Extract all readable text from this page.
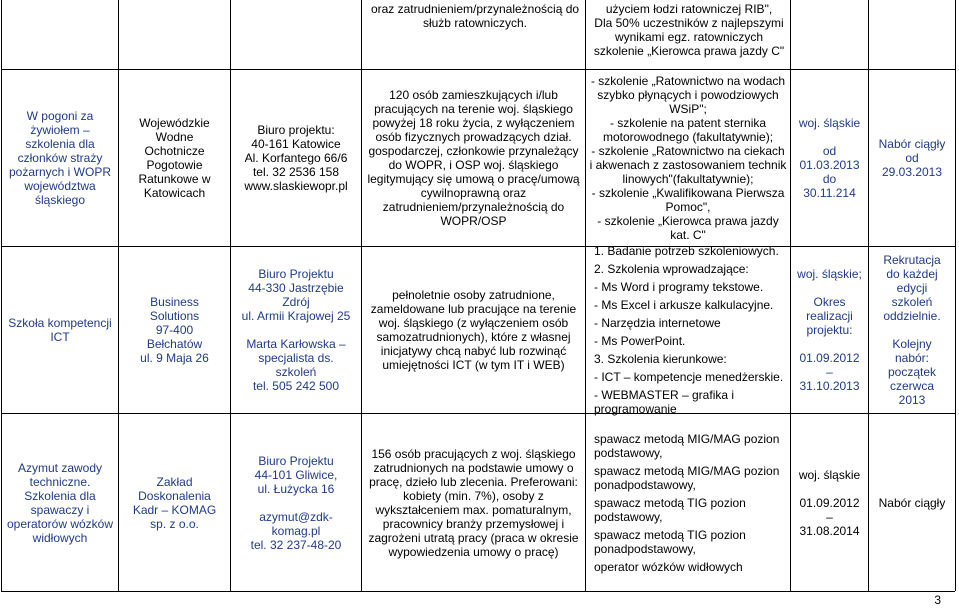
oraz zatrudnieniem/przynależnością do

służb ratowniczych.

użyciem łodzi ratowniczej RIB",

Dla 50% uczestników z najlepszymi

wynikami egz. ratowniczych

szkolenie „Kierowca prawa jazdy C"

W pogoni za

żywiołem –

szkolenia dla

członków straży

pożarnych i WOPR

województwa

śląskiego

Wojewódzkie

Wodne

Ochotnicze

Pogotowie

Ratunkowe w

Katowicach

Biuro projektu:

40-161 Katowice

Al. Korfantego 66/6

tel. 32 2536 158

www.slaskiewopr.pl

120 osób zamieszkujących i/lub

pracujących na terenie woj. śląskiego

powyżej 18 roku życia, z wyłączeniem

osób fizycznych prowadzących dział.

gospodarczej, członkowie przynależący

do WOPR, i OSP woj. śląskiego

legitymujący się umową o pracę/umową

cywilnoprawną oraz

zatrudnieniem/przynależnością do

WOPR/OSP

- szkolenie „Ratownictwo na wodach

szybko płynących i powodziowych

WSiP";

- szkolenie na patent sternika

motorowodnego (fakultatywnie);

- szkolenie „Ratownictwo na ciekach

i akwenach z zastosowaniem technik

linowych"(fakultatywnie);

- szkolenie „Kwalifikowana Pierwsza

Pomoc",

- szkolenie „Kierowca prawa jazdy

kat. C"

woj. śląskie

od

01.03.2013

do

30.11.214

Nabór ciągły

od

29.03.2013

Szkoła kompetencji

ICT

Business

Solutions

97-400

Bełchatów

ul. 9 Maja 26

Biuro Projektu

44-330 Jastrzębie

Zdrój

ul. Armii Krajowej 25

Marta Karłowska –

specjalista ds.

szkoleń

tel. 505 242 500

pełnoletnie osoby zatrudnione,

zameldowane lub pracujące na terenie

woj. śląskiego (z wyłączeniem osób

samozatrudnionych), które z własnej

inicjatywy chcą nabyć lub rozwinąć

umiejętności ICT (w tym IT i WEB)

1. Badanie potrzeb szkoleniowych.

2. Szkolenia wprowadzające:

- Ms Word i programy tekstowe.

- Ms Excel i arkusze kalkulacyjne.

- Narzędzia internetowe

- Ms PowerPoint.

3. Szkolenia kierunkowe:

- ICT – kompetencje menedżerskie.

- WEBMASTER – grafika i

programowanie

woj. śląskie;

Okres

realizacji

projektu:

01.09.2012

–

31.10.2013

Rekrutacja

do każdej

edycji

szkoleń

oddzielnie.

Kolejny

nabór:

początek

czerwca

2013

Azymut zawody

techniczne.

Szkolenia dla

spawaczy i

operatorów wózków

widłowych

Zakład

Doskonalenia

Kadr – KOMAG

sp. z o.o.

Biuro Projektu

44-101 Gliwice,

ul. Łużycka 16

azymut@zdk-

komag.pl

tel. 32 237-48-20

156 osób pracujących z woj. śląskiego

zatrudnionych na podstawie umowy o

pracę, dzieło lub zlecenia. Preferowani:

kobiety (min. 7%), osoby z

wykształceniem max. pomaturalnym,

pracownicy branży przemysłowej i

zagrożeni utratą pracy (praca w okresie

wypowiedzenia umowy o pracę)

spawacz metodą MIG/MAG pozion

podstawowy,

spawacz metodą MIG/MAG pozion

ponadpodstawowy,

spawacz metodą TIG pozion

podstawowy,

spawacz metodą TIG pozion

ponadpodstawowy,

operator wózków widłowych

woj. śląskie

01.09.2012

–

31.08.2014

Nabór ciągły

3
